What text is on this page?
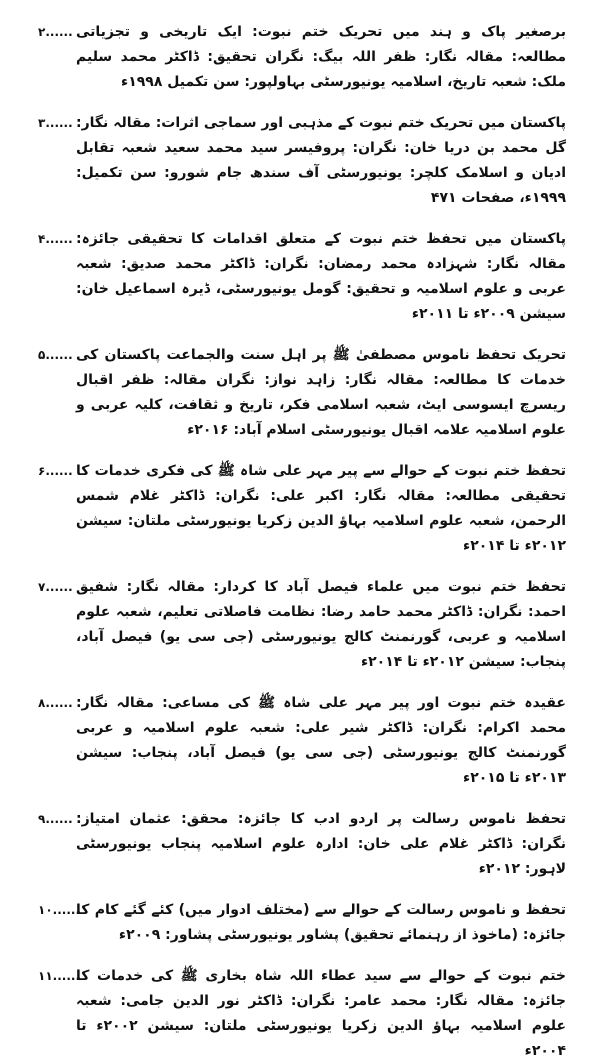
۲...... برصغیر پاک و ہند میں تحریک ختم نبوت: ایک تاریخی و تجزیاتی مطالعہ: مقالہ نگار: ظفر اللہ بیگ: نگران تحقیق: ڈاکٹر محمد سلیم ملک: شعبہ تاریخ، اسلامیہ یونیورسٹی بہاولپور: سن تکمیل ۱۹۹۸ء
۳...... پاکستان میں تحریک ختم نبوت کے مذہبی اور سماجی اثرات: مقالہ نگار: گل محمد بن دریا خان: نگران: پروفیسر سید محمد سعید شعبہ تقابل ادیان و اسلامک کلچر: یونیورسٹی آف سندھ جام شورو: سن تکمیل: ۱۹۹۹ء، صفحات ۴۷۱
۴...... پاکستان میں تحفظ ختم نبوت کے متعلق اقدامات کا تحقیقی جائزہ: مقالہ نگار: شہزادہ محمد رمضان: نگران: ڈاکٹر محمد صدیق: شعبہ عربی و علوم اسلامیہ و تحقیق: گومل یونیورسٹی، ڈیرہ اسماعیل خان: سیشن ۲۰۰۹ء تا ۲۰۱۱ء
۵...... تحریک تحفظ ناموس مصطفیٰ ﷺ پر اہل سنت والجماعت پاکستان کی خدمات کا مطالعہ: مقالہ نگار: زاہد نواز: نگران مقالہ: ظفر اقبال ریسرچ ایسوسی ایٹ، شعبہ اسلامی فکر، تاریخ و ثقافت، کلیہ عربی و علوم اسلامیہ علامہ اقبال یونیورسٹی اسلام آباد: ۲۰۱۶ء
۶...... تحفظ ختم نبوت کے حوالے سے پیر مہر علی شاہ ﷺ کی فکری خدمات کا تحقیقی مطالعہ: مقالہ نگار: اکبر علی: نگران: ڈاکٹر غلام شمس الرحمن، شعبہ علوم اسلامیہ بہاؤ الدین زکریا یونیورسٹی ملتان: سیشن ۲۰۱۲ء تا ۲۰۱۴ء
۷...... تحفظ ختم نبوت میں علماء فیصل آباد کا کردار: مقالہ نگار: شفیق احمد: نگران: ڈاکٹر محمد حامد رضا: نظامت فاصلاتی تعلیم، شعبہ علوم اسلامیہ و عربی، گورنمنٹ کالج یونیورسٹی (جی سی یو) فیصل آباد، پنجاب: سیشن ۲۰۱۲ء تا ۲۰۱۴ء
۸...... عقیدہ ختم نبوت اور پیر مہر علی شاہ ﷺ کی مساعی: مقالہ نگار: محمد اکرام: نگران: ڈاکٹر شیر علی: شعبہ علوم اسلامیہ و عربی گورنمنٹ کالج یونیورسٹی (جی سی یو) فیصل آباد، پنجاب: سیشن ۲۰۱۳ء تا ۲۰۱۵ء
۹...... تحفظ ناموس رسالت پر اردو ادب کا جائزہ: محقق: عثمان امتیاز: نگران: ڈاکٹر غلام علی خان: ادارہ علوم اسلامیہ پنجاب یونیورسٹی لاہور: ۲۰۱۲ء
۱۰......
تحفظ و ناموس رسالت کے حوالے سے (مختلف ادوار میں) کئے گئے کام کا جائزہ: (ماخوذ از رہنمائے تحقیق) پشاور یونیورسٹی پشاور: ۲۰۰۹ء
۱۱......
ختم نبوت کے حوالے سے سید عطاء اللہ شاہ بخاری ﷺ کی خدمات کا جائزہ: مقالہ نگار: محمد عامر: نگران: ڈاکٹر نور الدین جامی: شعبہ علوم اسلامیہ بہاؤ الدین زکریا یونیورسٹی ملتان: سیشن ۲۰۰۲ء تا ۲۰۰۴ء
